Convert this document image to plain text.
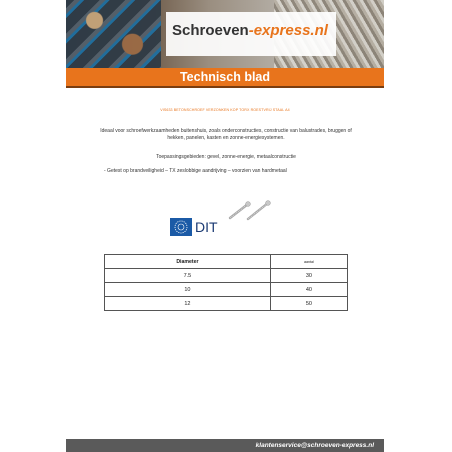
Schroeven-express.nl
Technisch blad
VIS633 BETONSCHROEF VERZONKEN KOP TORX ROESTVRIJ STAAL A4
Ideaal voor schroefwerkzaamheden buitenshuis, zoals onderconstructies, constructie van balustrades, bruggen of hekken, panelen, kasten en zonne-energiesystemen.
Toepassingsgebieden: gevel, zonne-energie, metaalconstructie
- Getest op brandveiligheid – TX zeslobbige aandrijving – voorzien van hardmetaal
DIT
Diameter	aantal
7.5	30
10	40
12	50
klantenservice@schroeven-express.nl
